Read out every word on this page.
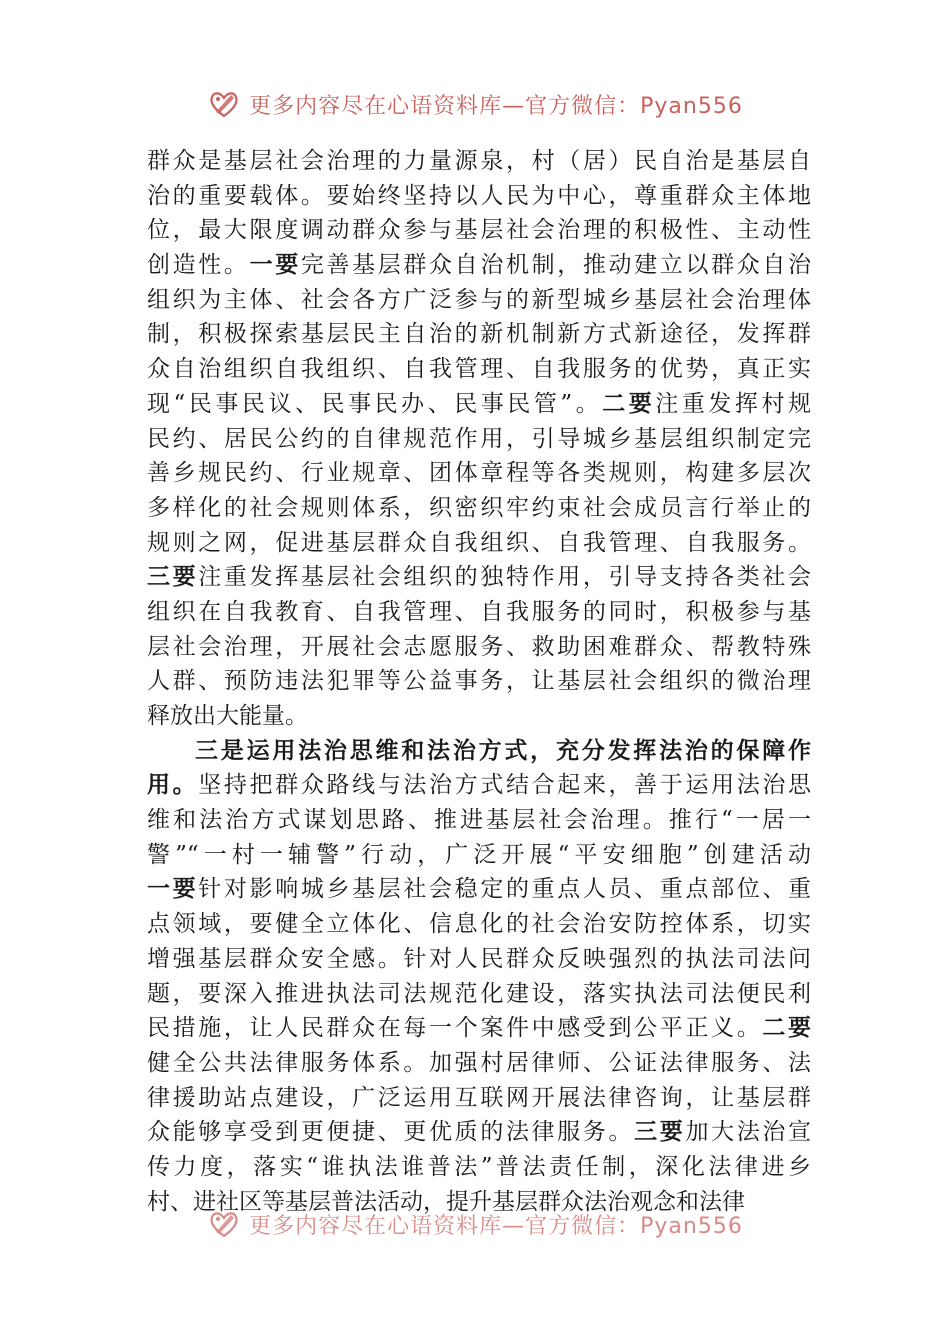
更多内容尽在心语资料库—官方微信：Pyan556
群众是基层社会治理的力量源泉，村（居）民自治是基层自
治的重要载体。要始终坚持以人民为中心，尊重群众主体地
位，最大限度调动群众参与基层社会治理的积极性、主动性
创造性。一要完善基层群众自治机制，推动建立以群众自治
组织为主体、社会各方广泛参与的新型城乡基层社会治理体
制，积极探索基层民主自治的新机制新方式新途径，发挥群
众自治组织自我组织、自我管理、自我服务的优势，真正实
现“民事民议、民事民办、民事民管”。二要注重发挥村规
民约、居民公约的自律规范作用，引导城乡基层组织制定完
善乡规民约、行业规章、团体章程等各类规则，构建多层次
多样化的社会规则体系，织密织牢约束社会成员言行举止的
规则之网，促进基层群众自我组织、自我管理、自我服务。
三要注重发挥基层社会组织的独特作用，引导支持各类社会
组织在自我教育、自我管理、自我服务的同时，积极参与基
层社会治理，开展社会志愿服务、救助困难群众、帮教特殊
人群、预防违法犯罪等公益事务，让基层社会组织的微治理
释放出大能量。
三是运用法治思维和法治方式，充分发挥法治的保障作
用。坚持把群众路线与法治方式结合起来，善于运用法治思
维和法治方式谋划思路、推进基层社会治理。推行“一居一
警”“一村一辅警”行动，广泛开展“平安细胞”创建活动
一要针对影响城乡基层社会稳定的重点人员、重点部位、重
点领域，要健全立体化、信息化的社会治安防控体系，切实
增强基层群众安全感。针对人民群众反映强烈的执法司法问
题，要深入推进执法司法规范化建设，落实执法司法便民利
民措施，让人民群众在每一个案件中感受到公平正义。二要
健全公共法律服务体系。加强村居律师、公证法律服务、法
律援助站点建设，广泛运用互联网开展法律咨询，让基层群
众能够享受到更便捷、更优质的法律服务。三要加大法治宣
传力度，落实“谁执法谁普法”普法责任制，深化法律进乡
村、进社区等基层普法活动，提升基层群众法治观念和法律
更多内容尽在心语资料库—官方微信：Pyan556
